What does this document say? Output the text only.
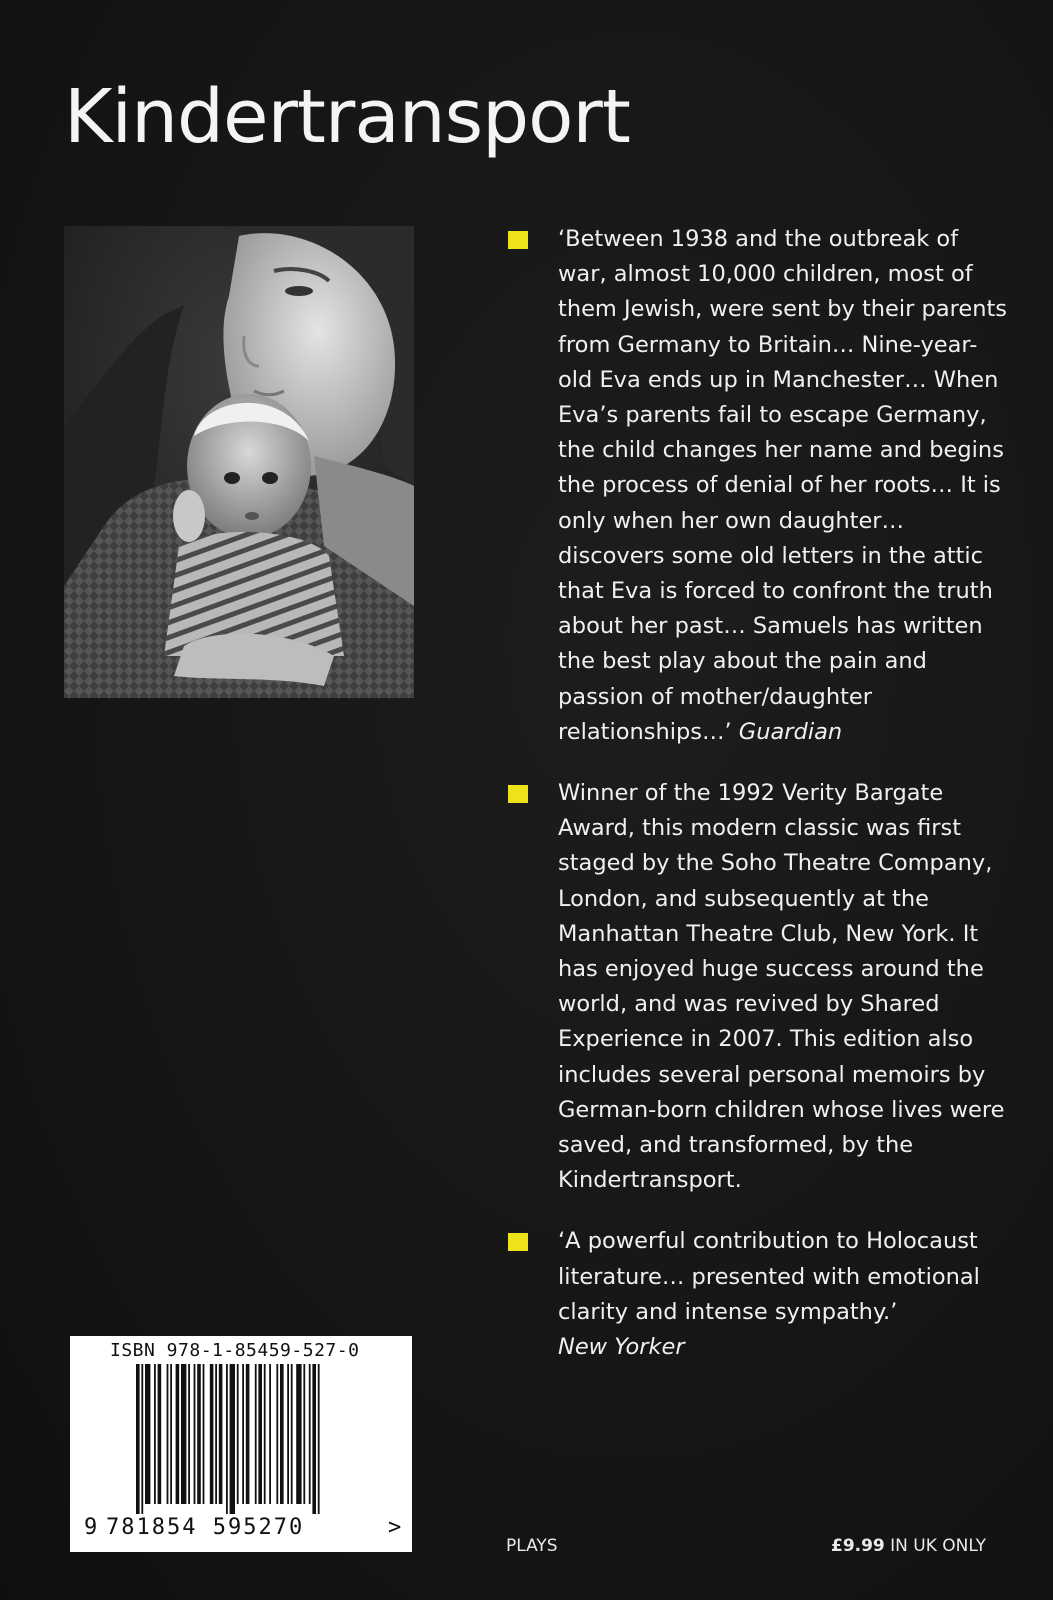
Kindertransport
‘Between 1938 and the outbreak of war, almost 10,000 children, most of them Jewish, were sent by their parents from Germany to Britain… Nine-year-old Eva ends up in Manchester… When Eva’s parents fail to escape Germany, the child changes her name and begins the process of denial of her roots… It is only when her own daughter… discovers some old letters in the attic that Eva is forced to confront the truth about her past… Samuels has written the best play about the pain and passion of mother/daughter relationships…’ Guardian
Winner of the 1992 Verity Bargate Award, this modern classic was first staged by the Soho Theatre Company, London, and subsequently at the Manhattan Theatre Club, New York. It has enjoyed huge success around the world, and was revived by Shared Experience in 2007. This edition also includes several personal memoirs by German-born children whose lives were saved, and transformed, by the Kindertransport.
‘A powerful contribution to Holocaust literature… presented with emotional clarity and intense sympathy.’
New Yorker
ISBN 978-1-85459-527-0
9 781854 595270	>
PLAYS	£9.99 IN UK ONLY
